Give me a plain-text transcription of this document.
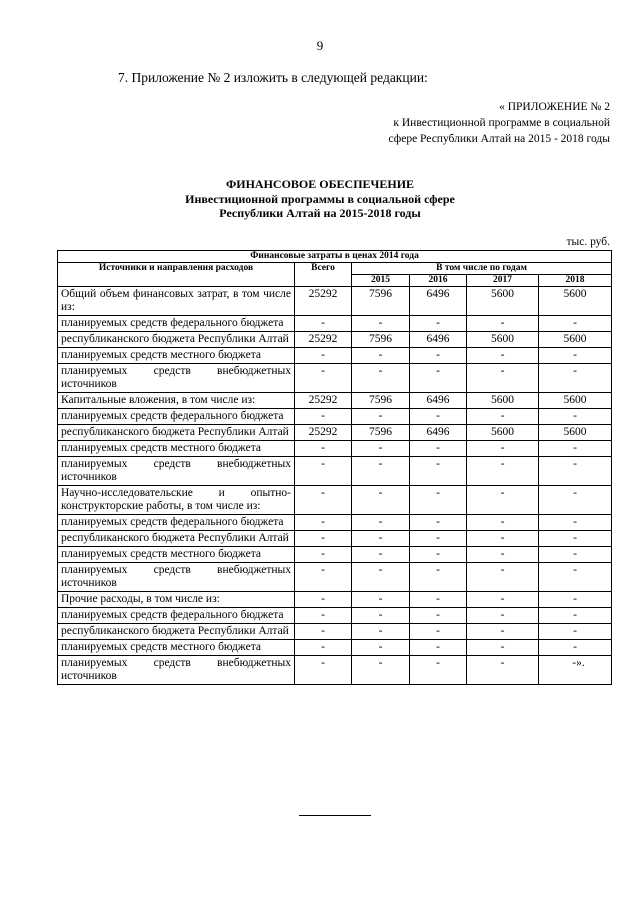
9
7. Приложение № 2 изложить в следующей редакции:
« ПРИЛОЖЕНИЕ № 2
к Инвестиционной программе в социальной
сфере Республики Алтай на 2015 - 2018 годы
ФИНАНСОВОЕ ОБЕСПЕЧЕНИЕ
Инвестиционной программы в социальной сфере
Республики Алтай на 2015-2018 годы
тыс. руб.
Финансовые затраты в ценах 2014 года					
Источники и направления расходов	Всего	В том числе по годам			
		2015	2016	2017	2018
Общий объем финансовых затрат, в том числе из:	25292	7596	6496	5600	5600
планируемых средств федерального бюджета	-	-	-	-	-
республиканского бюджета Республики Алтай	25292	7596	6496	5600	5600
планируемых средств местного бюджета	-	-	-	-	-
планируемых средств внебюджетных источников	-	-	-	-	-
Капитальные вложения, в том числе из:	25292	7596	6496	5600	5600
планируемых средств федерального бюджета	-	-	-	-	-
республиканского бюджета Республики Алтай	25292	7596	6496	5600	5600
планируемых средств местного бюджета	-	-	-	-	-
планируемых средств внебюджетных источников	-	-	-	-	-
Научно-исследовательские и опытно-конструкторские работы, в том числе из:	-	-	-	-	-
планируемых средств федерального бюджета	-	-	-	-	-
республиканского бюджета Республики Алтай	-	-	-	-	-
планируемых средств местного бюджета	-	-	-	-	-
планируемых средств внебюджетных источников	-	-	-	-	-
Прочие расходы, в том числе из:	-	-	-	-	-
планируемых средств федерального бюджета	-	-	-	-	-
республиканского бюджета Республики Алтай	-	-	-	-	-
планируемых средств местного бюджета	-	-	-	-	-
планируемых средств внебюджетных источников	-	-	-	-	-».
